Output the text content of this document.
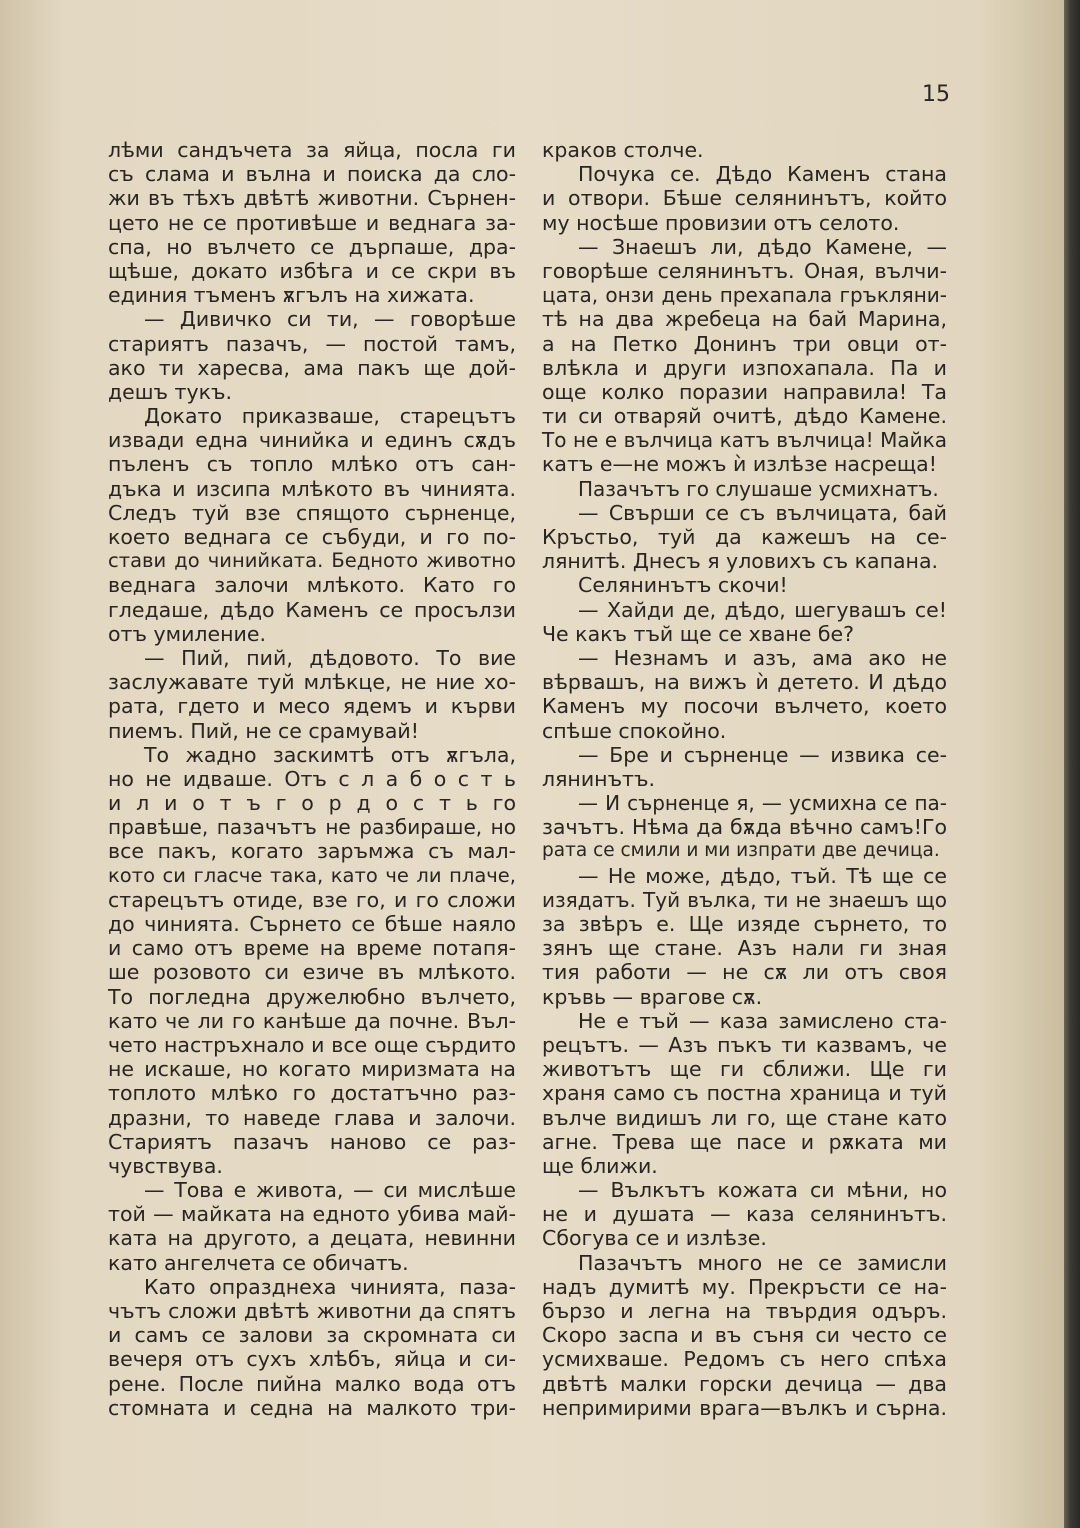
15
лѣми сандъчета за яйца, посла ги
съ слама и вълна и поиска да сло-
жи въ тѣхъ двѣтѣ животни. Сърнен-
цето не се противѣше и веднага за-
спа, но вълчето се дърпаше, дра-
щѣше, докато избѣга и се скри въ
единия тъменъ ѫгълъ на хижата.
— Дивичко си ти, — говорѣше
стариятъ пазачъ, — постой тамъ,
ако ти харесва, ама пакъ ще дой-
дешъ тукъ.
Докато приказваше, старецътъ
извади една чинийка и единъ сѫдъ
пъленъ съ топло млѣко отъ сан-
дъка и изсипа млѣкото въ чинията.
Следъ туй взе спящото сърненце,
което веднага се събуди, и го по-
стави до чинийката. Бедното животно
веднага залочи млѣкото. Като го
гледаше, дѣдо Каменъ се просълзи
отъ умиление.
— Пий, пий, дѣдовото. То вие
заслужавате туй млѣкце, не ние хо-
рата, гдето и месо ядемъ и кърви
пиемъ. Пий, не се срамувай!
То жадно заскимтѣ отъ ѫгъла,
но не идваше. Отъ с л а б о с т ь
и л и о т ъ г о р д о с т ь го
правѣше, пазачътъ не разбираше, но
все пакъ, когато заръмжа съ мал-
кото си гласче така, като че ли плаче,
старецътъ отиде, взе го, и го сложи
до чинията. Сърнето се бѣше наяло
и само отъ време на време потапя-
ше розовото си езиче въ млѣкото.
То погледна дружелюбно вълчето,
като че ли го канѣше да почне. Въл-
чето настръхнало и все още сърдито
не искаше, но когато миризмата на
топлото млѣко го достатъчно раз-
дразни, то наведе глава и залочи.
Стариятъ пазачъ наново се раз-
чувствува.
— Това е живота, — си мислѣше
той — майката на едното убива май-
ката на другото, а децата, невинни
като ангелчета се обичатъ.
Като опразднеха чинията, паза-
чътъ сложи двѣтѣ животни да спятъ
и самъ се залови за скромната си
вечеря отъ сухъ хлѣбъ, яйца и си-
рене. После пийна малко вода отъ
стомната и седна на малкото три-
краков столче.
Почука се. Дѣдо Каменъ стана
и отвори. Бѣше селянинътъ, който
му носѣше провизии отъ селото.
— Знаешъ ли, дѣдо Камене, —
говорѣше селянинътъ. Оная, вълчи-
цата, онзи день прехапала гръкляни-
тѣ на два жребеца на бай Марина,
а на Петко Донинъ три овци от-
влѣкла и други изпохапала. Па и
още колко поразии направила! Та
ти си отваряй очитѣ, дѣдо Камене.
То не е вълчица катъ вълчица! Майка
катъ е—не можъ ѝ излѣзе насреща!
Пазачътъ го слушаше усмихнатъ.
— Свърши се съ вълчицата, бай
Кръстьо, туй да кажешъ на се-
лянитѣ. Днесъ я уловихъ съ капана.
Селянинътъ скочи!
— Хайди де, дѣдо, шегувашъ се!
Че какъ тъй ще се хване бе?
— Незнамъ и азъ, ама ако не
вѣрвашъ, на вижъ ѝ детето. И дѣдо
Каменъ му посочи вълчето, което
спѣше спокойно.
— Бре и сърненце — извика се-
лянинътъ.
— И сърненце я, — усмихна се па-
зачътъ. Нѣма да бѫда вѣчно самъ!Го
рата се смили и ми изпрати две дечица.
— Не може, дѣдо, тъй. Тѣ ще се
изядатъ. Туй вълка, ти не знаешъ що
за звѣръ е. Ще изяде сърнето, то
зянъ ще стане. Азъ нали ги зная
тия работи — не сѫ ли отъ своя
кръвь — врагове сѫ.
Не е тъй — каза замислено ста-
рецътъ. — Азъ пъкъ ти казвамъ, че
животътъ ще ги сближи. Ще ги
храня само съ постна храница и туй
вълче видишъ ли го, ще стане като
агне. Трева ще пасе и рѫката ми
ще ближи.
— Вълкътъ кожата си мѣни, но
не и душата — каза селянинътъ.
Сбогува се и излѣзе.
Пазачътъ много не се замисли
надъ думитѣ му. Прекръсти се на-
бързо и легна на твърдия одъръ.
Скоро заспа и въ съня си често се
усмихваше. Редомъ съ него спѣха
двѣтѣ малки горски дечица — два
непримирими врага—вълкъ и сърна.
